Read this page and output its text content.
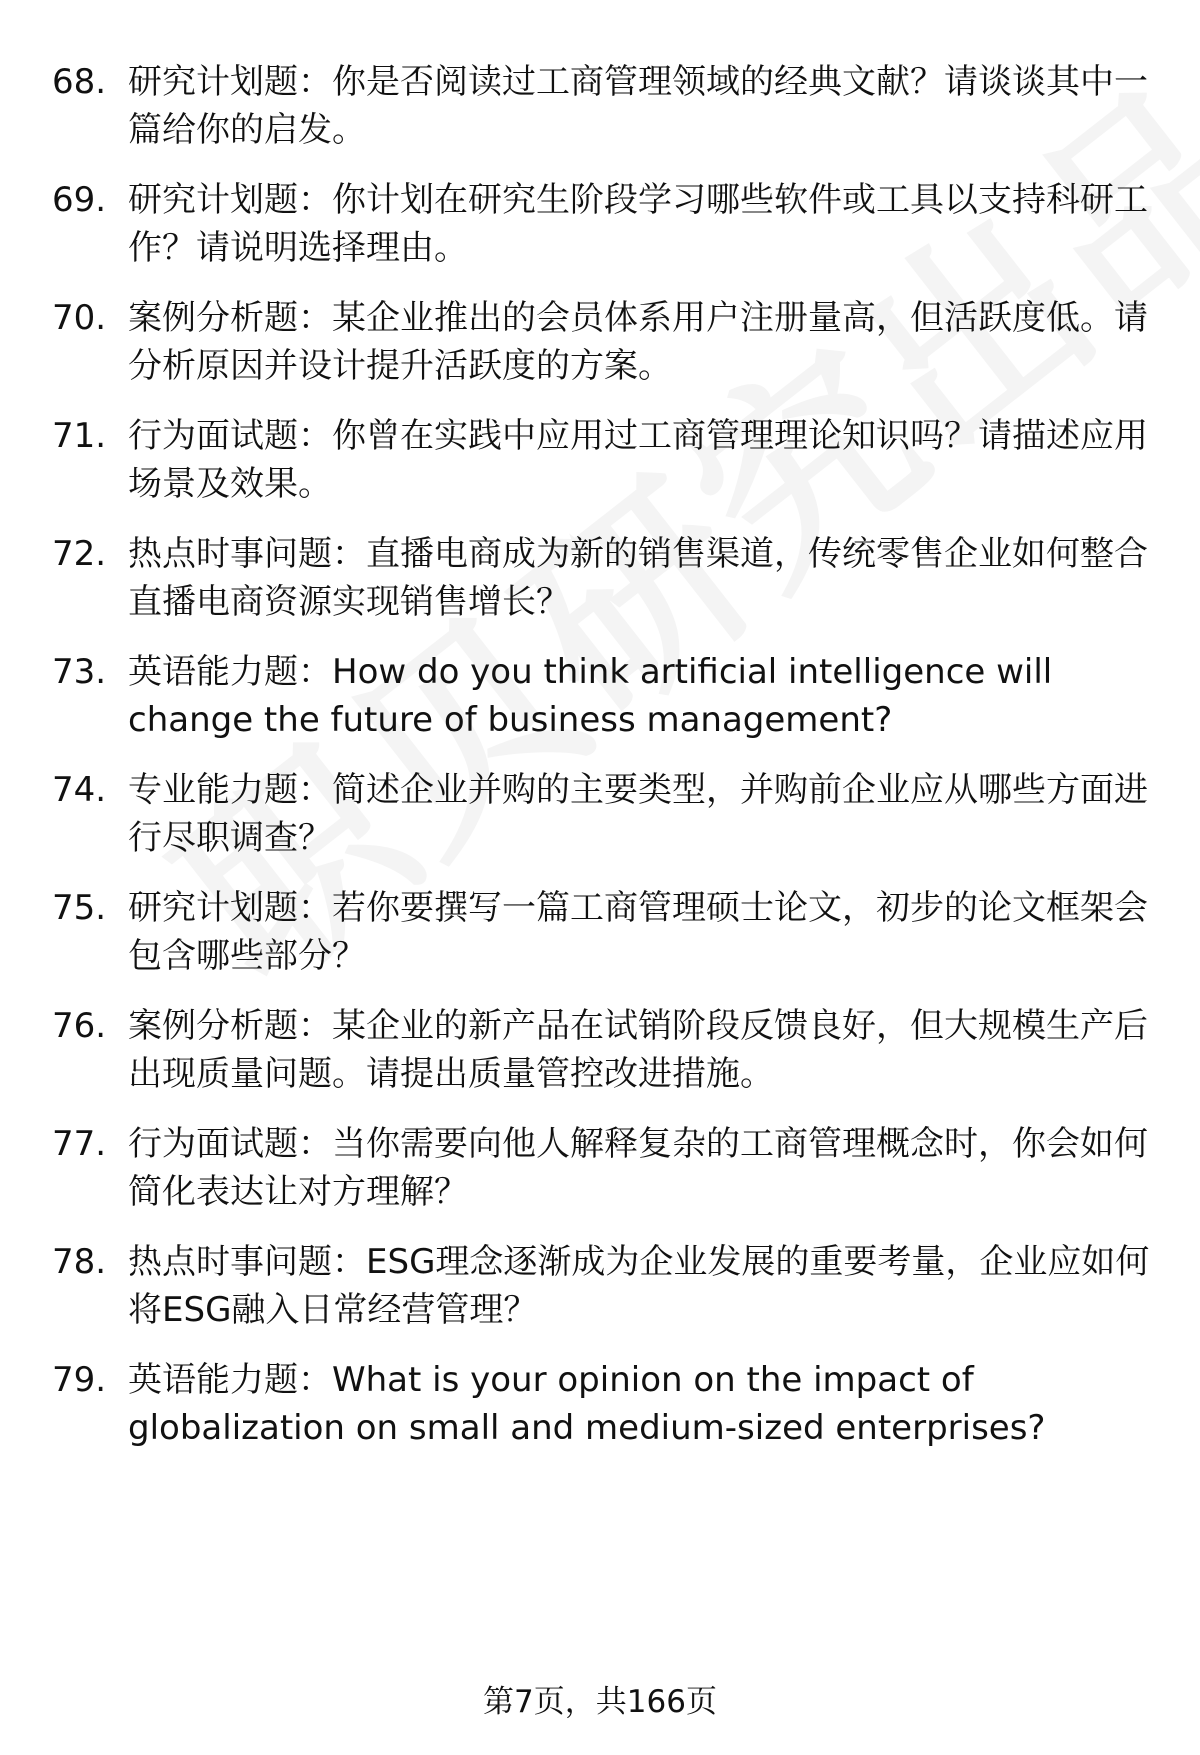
68. 研究计划题：你是否阅读过工商管理领域的经典文献？请谈谈其中一篇给你的启发。
69. 研究计划题：你计划在研究生阶段学习哪些软件或工具以支持科研工作？请说明选择理由。
70. 案例分析题：某企业推出的会员体系用户注册量高，但活跃度低。请分析原因并设计提升活跃度的方案。
71. 行为面试题：你曾在实践中应用过工商管理理论知识吗？请描述应用场景及效果。
72. 热点时事问题：直播电商成为新的销售渠道，传统零售企业如何整合直播电商资源实现销售增长？
73. 英语能力题：How do you think artificial intelligence will change the future of business management?
74. 专业能力题：简述企业并购的主要类型，并购前企业应从哪些方面进行尽职调查？
75. 研究计划题：若你要撰写一篇工商管理硕士论文，初步的论文框架会包含哪些部分？
76. 案例分析题：某企业的新产品在试销阶段反馈良好，但大规模生产后出现质量问题。请提出质量管控改进措施。
77. 行为面试题：当你需要向他人解释复杂的工商管理概念时，你会如何简化表达让对方理解？
78. 热点时事问题：ESG理念逐渐成为企业发展的重要考量，企业应如何将ESG融入日常经营管理？
79. 英语能力题：What is your opinion on the impact of globalization on small and medium-sized enterprises?
第7页，共166页
